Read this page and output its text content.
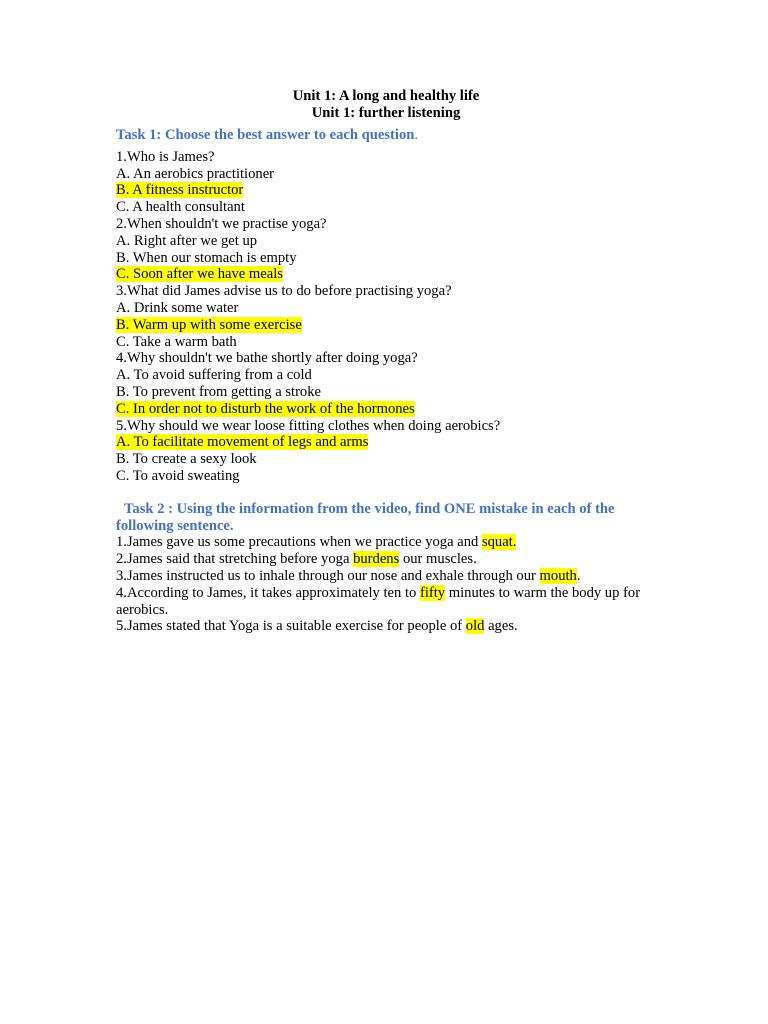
Unit 1: A long and healthy life

Unit 1: further listening

Task 1: Choose the best answer to each question.

1.Who is James?

A. An aerobics practitioner

B. A fitness instructor

C. A health consultant

2.When shouldn't we practise yoga?

A. Right after we get up

B. When our stomach is empty

C. Soon after we have meals

3.What did James advise us to do before practising yoga?

A. Drink some water

B. Warm up with some exercise

C. Take a warm bath

4.Why shouldn't we bathe shortly after doing yoga?

A. To avoid suffering from a cold

B. To prevent from getting a stroke

C. In order not to disturb the work of the hormones

5.Why should we wear loose fitting clothes when doing aerobics?

A. To facilitate movement of legs and arms

B. To create a sexy look

C. To avoid sweating

Task 2 : Using the information from the video, find ONE mistake in each of the following sentence.

1.James gave us some precautions when we practice yoga and squat.

2.James said that stretching before yoga burdens our muscles.

3.James instructed us to inhale through our nose and exhale through our mouth.

4.According to James, it takes approximately ten to fifty minutes to warm the body up for aerobics.

5.James stated that Yoga is a suitable exercise for people of old ages.
